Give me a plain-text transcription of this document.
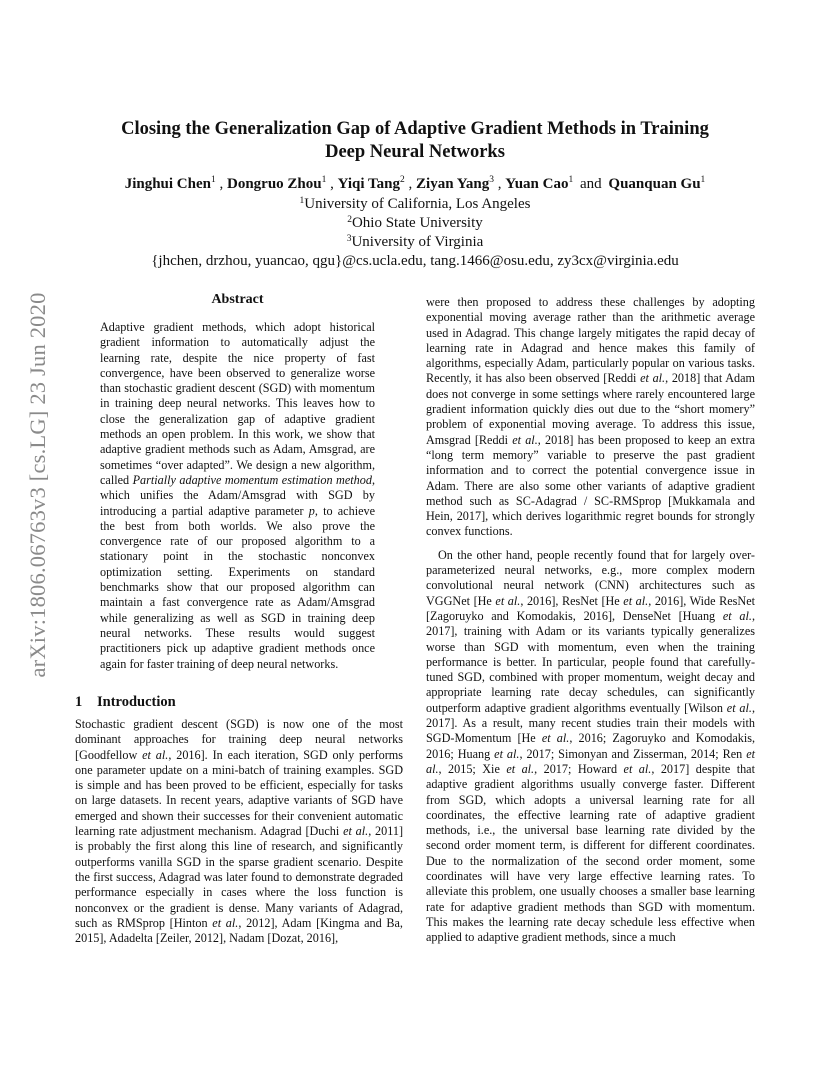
arXiv:1806.06763v3 [cs.LG] 23 Jun 2020
Closing the Generalization Gap of Adaptive Gradient Methods in Training
Deep Neural Networks
Jinghui Chen$^1$ , Dongruo Zhou$^1$ , Yiqi Tang$^2$ , Ziyan Yang$^3$ , Yuan Cao$^1$ and Quanquan Gu$^1$
$^1$University of California, Los Angeles
$^2$Ohio State University
$^3$University of Virginia
{jhchen, drzhou, yuancao, qgu}@cs.ucla.edu, tang.1466@osu.edu, zy3cx@virginia.edu
Abstract

Adaptive gradient methods, which adopt historical gradient information to automatically adjust the learning rate, despite the nice property of fast convergence, have been observed to generalize worse than stochastic gradient descent (SGD) with momentum in training deep neural networks. This leaves how to close the generalization gap of adaptive gradient methods an open problem. In this work, we show that adaptive gradient methods such as Adam, Amsgrad, are sometimes “over adapted”. We design a new algorithm, called Partially adaptive momentum estimation method, which unifies the Adam/Amsgrad with SGD by introducing a partial adaptive parameter p, to achieve the best from both worlds. We also prove the convergence rate of our proposed algorithm to a stationary point in the stochastic nonconvex optimization setting. Experiments on standard benchmarks show that our proposed algorithm can maintain a fast convergence rate as Adam/Amsgrad while generalizing as well as SGD in training deep neural networks. These results would suggest practitioners pick up adaptive gradient methods once again for faster training of deep neural networks.

1 Introduction

Stochastic gradient descent (SGD) is now one of the most dominant approaches for training deep neural networks [Goodfellow et al., 2016]. In each iteration, SGD only performs one parameter update on a mini-batch of training examples. SGD is simple and has been proved to be efficient, especially for tasks on large datasets. In recent years, adaptive variants of SGD have emerged and shown their successes for their convenient automatic learning rate adjustment mechanism. Adagrad [Duchi et al., 2011] is probably the first along this line of research, and significantly outperforms vanilla SGD in the sparse gradient scenario. Despite the first success, Adagrad was later found to demonstrate degraded performance especially in cases where the loss function is nonconvex or the gradient is dense. Many variants of Adagrad, such as RMSprop [Hinton et al., 2012], Adam [Kingma and Ba, 2015], Adadelta [Zeiler, 2012], Nadam [Dozat, 2016],

were then proposed to address these challenges by adopting exponential moving average rather than the arithmetic average used in Adagrad. This change largely mitigates the rapid decay of learning rate in Adagrad and hence makes this family of algorithms, especially Adam, particularly popular on various tasks. Recently, it has also been observed [Reddi et al., 2018] that Adam does not converge in some settings where rarely encountered large gradient information quickly dies out due to the “short momery” problem of exponential moving average. To address this issue, Amsgrad [Reddi et al., 2018] has been proposed to keep an extra “long term memory” variable to preserve the past gradient information and to correct the potential convergence issue in Adam. There are also some other variants of adaptive gradient method such as SC-Adagrad / SC-RMSprop [Mukkamala and Hein, 2017], which derives logarithmic regret bounds for strongly convex functions.

On the other hand, people recently found that for largely over-parameterized neural networks, e.g., more complex modern convolutional neural network (CNN) architectures such as VGGNet [He et al., 2016], ResNet [He et al., 2016], Wide ResNet [Zagoruyko and Komodakis, 2016], DenseNet [Huang et al., 2017], training with Adam or its variants typically generalizes worse than SGD with momentum, even when the training performance is better. In particular, people found that carefully-tuned SGD, combined with proper momentum, weight decay and appropriate learning rate decay schedules, can significantly outperform adaptive gradient algorithms eventually [Wilson et al., 2017]. As a result, many recent studies train their models with SGD-Momentum [He et al., 2016; Zagoruyko and Komodakis, 2016; Huang et al., 2017; Simonyan and Zisserman, 2014; Ren et al., 2015; Xie et al., 2017; Howard et al., 2017] despite that adaptive gradient algorithms usually converge faster. Different from SGD, which adopts a universal learning rate for all coordinates, the effective learning rate of adaptive gradient methods, i.e., the universal base learning rate divided by the second order moment term, is different for different coordinates. Due to the normalization of the second order moment, some coordinates will have very large effective learning rates. To alleviate this problem, one usually chooses a smaller base learning rate for adaptive gradient methods than SGD with momentum. This makes the learning rate decay schedule less effective when applied to adaptive gradient methods, since a much
